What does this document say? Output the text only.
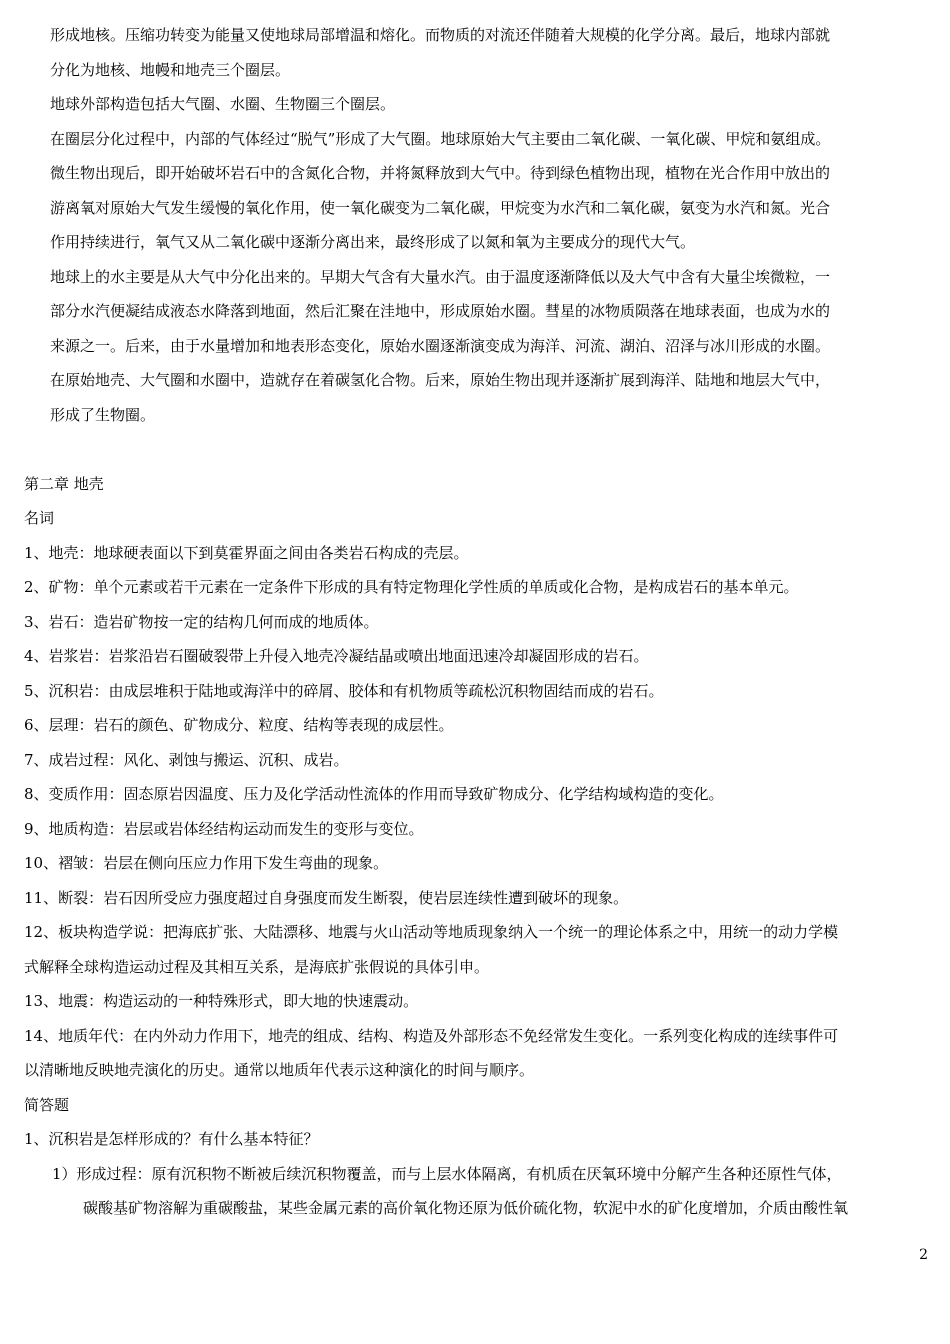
形成地核。压缩功转变为能量又使地球局部增温和熔化。而物质的对流还伴随着大规模的化学分离。最后，地球内部就
分化为地核、地幔和地壳三个圈层。
地球外部构造包括大气圈、水圈、生物圈三个圈层。
在圈层分化过程中，内部的气体经过“脱气”形成了大气圈。地球原始大气主要由二氧化碳、一氧化碳、甲烷和氨组成。
微生物出现后，即开始破坏岩石中的含氮化合物，并将氮释放到大气中。待到绿色植物出现，植物在光合作用中放出的
游离氧对原始大气发生缓慢的氧化作用，使一氧化碳变为二氧化碳，甲烷变为水汽和二氧化碳，氨变为水汽和氮。光合
作用持续进行，氧气又从二氧化碳中逐渐分离出来，最终形成了以氮和氧为主要成分的现代大气。
地球上的水主要是从大气中分化出来的。早期大气含有大量水汽。由于温度逐渐降低以及大气中含有大量尘埃微粒，一
部分水汽便凝结成液态水降落到地面，然后汇聚在洼地中，形成原始水圈。彗星的冰物质陨落在地球表面，也成为水的
来源之一。后来，由于水量增加和地表形态变化，原始水圈逐渐演变成为海洋、河流、湖泊、沼泽与冰川形成的水圈。
在原始地壳、大气圈和水圈中，造就存在着碳氢化合物。后来，原始生物出现并逐渐扩展到海洋、陆地和地层大气中，
形成了生物圈。
第二章 地壳
名词
1、地壳：地球硬表面以下到莫霍界面之间由各类岩石构成的壳层。
2、矿物：单个元素或若干元素在一定条件下形成的具有特定物理化学性质的单质或化合物，是构成岩石的基本单元。
3、岩石：造岩矿物按一定的结构几何而成的地质体。
4、岩浆岩：岩浆沿岩石圈破裂带上升侵入地壳冷凝结晶或喷出地面迅速冷却凝固形成的岩石。
5、沉积岩：由成层堆积于陆地或海洋中的碎屑、胶体和有机物质等疏松沉积物固结而成的岩石。
6、层理：岩石的颜色、矿物成分、粒度、结构等表现的成层性。
7、成岩过程：风化、剥蚀与搬运、沉积、成岩。
8、变质作用：固态原岩因温度、压力及化学活动性流体的作用而导致矿物成分、化学结构域构造的变化。
9、地质构造：岩层或岩体经结构运动而发生的变形与变位。
10、褶皱：岩层在侧向压应力作用下发生弯曲的现象。
11、断裂：岩石因所受应力强度超过自身强度而发生断裂，使岩层连续性遭到破坏的现象。
12、板块构造学说：把海底扩张、大陆漂移、地震与火山活动等地质现象纳入一个统一的理论体系之中，用统一的动力学模
式解释全球构造运动过程及其相互关系，是海底扩张假说的具体引申。
13、地震：构造运动的一种特殊形式，即大地的快速震动。
14、地质年代：在内外动力作用下，地壳的组成、结构、构造及外部形态不免经常发生变化。一系列变化构成的连续事件可
以清晰地反映地壳演化的历史。通常以地质年代表示这种演化的时间与顺序。
简答题
1、沉积岩是怎样形成的？有什么基本特征？
1）形成过程：原有沉积物不断被后续沉积物覆盖，而与上层水体隔离，有机质在厌氧环境中分解产生各种还原性气体，
碳酸基矿物溶解为重碳酸盐，某些金属元素的高价氧化物还原为低价硫化物，软泥中水的矿化度增加，介质由酸性氧
2
